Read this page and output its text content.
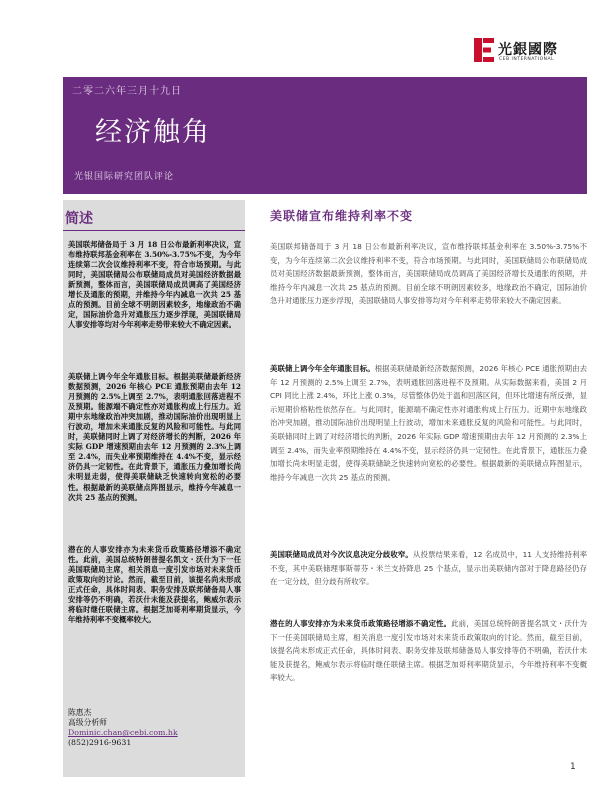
光銀國際
CEB INTERNATIONAL
二零二六年三月十九日
经济触角
光银国际研究团队评论
简述
美国联邦储备局于 3 月 18 日公布最新利率决议，宣布维持联邦基金利率在 3.50%-3.75%不变，为今年连续第二次会议维持利率不变，符合市场预期。与此同时，美国联储局公布联储局成员对美国经济数据最新预测，整体而言，美国联储局成员调高了美国经济增长及通胀的预期，并维持今年内减息一次共 25 基点的预测。目前全球不明朗因素较多，地缘政治不确定，国际油价急升对通胀压力逐步浮现，美国联储局人事安排等均对今年利率走势带来较大不确定因素。
美联储上调今年全年通胀目标。根据美联储最新经济数据预测，2026 年核心 PCE 通胀预期由去年 12 月预测的 2.5%上调至 2.7%，表明通胀回落进程不及预期。能源端不确定性亦对通胀构成上行压力。近期中东地缘政治冲突加剧，推动国际油价出现明显上行波动，增加未来通胀反复的风险和可能性。与此同时，美联储同时上调了对经济增长的判断，2026 年实际 GDP 增速预期由去年 12 月预测的 2.3%上调至 2.4%，而失业率预期维持在 4.4%不变，显示经济仍具一定韧性。在此背景下，通胀压力叠加增长尚未明显走弱，使得美联储缺乏快速转向宽松的必要性。根据最新的美联储点阵图显示，维持今年减息一次共 25 基点的预测。
潜在的人事安排亦为未来货币政策路径增添不确定性。此前，美国总统特朗普提名凯文・沃什为下一任美国联储局主席，相关消息一度引发市场对未来货币政策取向的讨论。然而，截至目前，该提名尚未形成正式任命，具体时间表、职务安排及联邦储备局人事安排等仍不明确，若沃什未能及获提名，鲍威尔表示将临时继任联储主席。根据芝加哥利率期货显示，今年维持利率不变概率较大。
陈惠杰
高级分析师
Dominic.chan@cebi.com.hk
(852)2916-9631
美联储宣布维持利率不变
美国联邦储备局于 3 月 18 日公布最新利率决议，宣布维持联邦基金利率在 3.50%-3.75%不变，为今年连续第二次会议维持利率不变，符合市场预期。与此同时，美国联储局公布联储局成员对美国经济数据最新预测，整体而言，美国联储局成员调高了美国经济增长及通胀的预期，并维持今年内减息一次共 25 基点的预测。目前全球不明朗因素较多，地缘政治不确定，国际油价急升对通胀压力逐步浮现，美国联储局人事安排等均对今年利率走势带来较大不确定因素。
美联储上调今年全年通胀目标。根据美联储最新经济数据预测，2026 年核心 PCE 通胀预期由去年 12 月预测的 2.5%上调至 2.7%，表明通胀回落进程不及预期。从实际数据来看，美国 2 月 CPI 同比上涨 2.4%，环比上涨 0.3%，尽管整体仍处于温和回落区间，但环比增速有所反弹，显示短期价格粘性依然存在。与此同时，能源端不确定性亦对通胀构成上行压力。近期中东地缘政治冲突加剧，推动国际油价出现明显上行波动，增加未来通胀反复的风险和可能性。与此同时，美联储同时上调了对经济增长的判断，2026 年实际 GDP 增速预期由去年 12 月预测的 2.3%上调至 2.4%，而失业率预期维持在 4.4%不变，显示经济仍具一定韧性。在此背景下，通胀压力叠加增长尚未明显走弱，使得美联储缺乏快速转向宽松的必要性。根据最新的美联储点阵图显示，维持今年减息一次共 25 基点的预测。
美国联储局成员对今次议息决定分歧收窄。从投票结果来看，12 名成员中，11 人支持维持利率不变，其中美联储理事斯蒂芬・米兰支持降息 25 个基点，显示出美联储内部对于降息路径仍存在一定分歧，但分歧有所收窄。
潜在的人事安排亦为未来货币政策路径增添不确定性。此前，美国总统特朗普提名凯文・沃什为下一任美国联储局主席，相关消息一度引发市场对未来货币政策取向的讨论。然而，截至目前，该提名尚未形成正式任命，具体时间表、职务安排及联邦储备局人事安排等仍不明确，若沃什未能及获提名，鲍威尔表示将临时继任联储主席。根据芝加哥利率期货显示，今年维持利率不变概率较大。
1
